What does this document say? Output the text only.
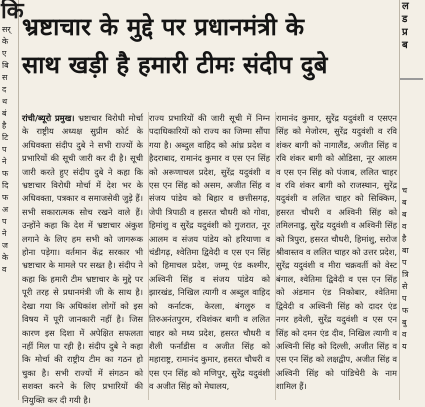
कि
सर्
के
ए
बि
स
द
थ
बं
है
टि
प
ने
फ
दि
फ
अ
प
ने
ज
के
व
भ्रष्टाचार के मुद्दे पर प्रधानमंत्री के
साथ खड़ी है हमारी टीमः संदीप दुबे
रांची/ब्यूरो प्रमुख। भ्रष्टाचार विरोधी मोर्चा के राष्ट्रीय अध्यक्ष सुप्रीम कोर्ट के अधिवक्ता संदीप दुबे ने सभी राज्यों के प्रभारियों की सूची जारी कर दी है। सूची जारी करते हुए संदीप दुबे ने कहा कि भ्रष्टाचार विरोधी मोर्चा में देश भर के अधिवक्ता, पत्रकार व समाजसेवी जुड़े हैं। सभी सकारात्मक सोच रखने वाले हैं। उन्होंने कहा कि देश में भ्रष्टाचार अंकुश लगाने के लिए हम सभी को जागरूक होना पड़ेगा। वर्तमान केंद्र सरकार भी भ्रष्टाचार के मामले पर सख्त है। संदीप ने कहा कि हमारी टीम भ्रष्टाचार के मुद्दे पर पूरी तरह से प्रधानमंत्री जी के साथ है। देखा गया कि अधिकांश लोगों को इस विषय में पूरी जानकारी नहीं है। जिस कारण इस दिशा में अपेक्षित सफलता नहीं मिल पा रही है। संदीप दुबे ने कहा कि मोर्चा की राष्ट्रीय टीम का गठन हो चुका है। सभी राज्यों में संगठन को सशक्त करने के लिए प्रभारियों की नियुक्ति कर दी गयी है।
राज्य प्रभारियों की जारी सूची में निम्न पदाधिकारियों को राज्य का जिम्मा सौंपा गया है। अब्दुल वाहिद को आंध्र प्रदेश व हैदराबाद, रामानंद कुमार व एस एन सिंह को अरूणाचल प्रदेश, सुरेंद्र यदुवंशी व एस एन सिंह को असम, अजीत सिंह व संजय पांडेय को बिहार व छत्तीसगढ़, जेपी त्रिपाठी व हसरत चौधरी को गोवा, हिमांशु व सुरेंद्र यदुवंशी को गुजरात, नूर आलम व संजय पांडेय को हरियाणा व चंडीगढ़, श्वेतिमा द्विवेदी व एस एन सिंह को हिमाचल प्रदेश, जम्मू एंड कश्मीर, अश्विनी सिंह व संजय पांडेय को झारखंड, निखिल त्यागी व अब्दुल वाहिद को कर्नाटक, केरला, बंगलुरु व तिरुअनंतपुरम, रविशंकर बागी व ललित चाहर को मध्य प्रदेश, हसरत चौधरी व शैली फर्नांडीस व अजीत सिंह को महाराष्ट्र, रामानंद कुमार, हसरत चौधरी व एस एन सिंह को मणिपुर, सुरेंद्र यदुवंशी व अजीत सिंह को मेघालय,
रामानंद कुमार, सुरेंद्र यदुवंशी व एसएन सिंह को मेजोरम, सुरेंद्र यदुवंशी व रवि शंकर बागी को नागालैंड, अजीत सिंह व रवि शंकर बागी को ओडिसा, नूर आलम व एस एन सिंह को पंजाब, ललित चाहर व रवि शंकर बागी को राजस्थान, सुरेंद्र यदुवंशी व ललित चाहर को सिक्किम, हसरत चौधरी व अश्विनी सिंह को तमिलनाडु, सुरेंद्र यदुवंशी व अश्विनी सिंह को त्रिपुरा, हसरत चौधरी, हिमांशु, सरोज श्रीवास्तव व ललित चाहर को उत्तर प्रदेश, सुरेंद्र यदुवंशी व मीरा चक्रवर्ती को वेस्ट बंगाल, श्वेतिमा द्विवेदी व एस एन सिंह को अंडमान एंड निकोबार, श्वेतिमा द्विवेदी व अश्विनी सिंह को दादर एंड नगर हवेली, सुरेंद्र यदुवंशी व एस एन सिंह को दमन एंड दीव, निखिल त्यागी व अश्विनी सिंह को दिल्ली, अजीत सिंह व एस एन सिंह को लक्षद्वीप, अजीत सिंह व अश्विनी सिंह को पांडिचेरी के नाम शामिल हैं।
ल
ड
प्र
ब
च
ब
ब
व
है
बा
प
त्रि
से
प
फ
बु
व
य
